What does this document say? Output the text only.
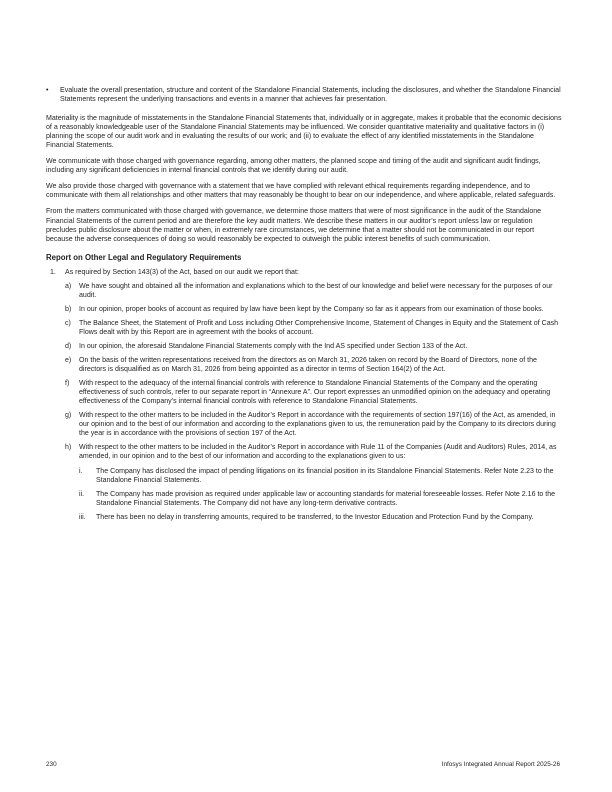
• Evaluate the overall presentation, structure and content of the Standalone Financial Statements, including the disclosures, and whether the Standalone Financial Statements represent the underlying transactions and events in a manner that achieves fair presentation.

Materiality is the magnitude of misstatements in the Standalone Financial Statements that, individually or in aggregate, makes it probable that the economic decisions of a reasonably knowledgeable user of the Standalone Financial Statements may be influenced. We consider quantitative materiality and qualitative factors in (i) planning the scope of our audit work and in evaluating the results of our work; and (ii) to evaluate the effect of any identified misstatements in the Standalone Financial Statements.

We communicate with those charged with governance regarding, among other matters, the planned scope and timing of the audit and significant audit findings, including any significant deficiencies in internal financial controls that we identify during our audit.

We also provide those charged with governance with a statement that we have complied with relevant ethical requirements regarding independence, and to communicate with them all relationships and other matters that may reasonably be thought to bear on our independence, and where applicable, related safeguards.

From the matters communicated with those charged with governance, we determine those matters that were of most significance in the audit of the Standalone Financial Statements of the current period and are therefore the key audit matters. We describe these matters in our auditor’s report unless law or regulation precludes public disclosure about the matter or when, in extremely rare circumstances, we determine that a matter should not be communicated in our report because the adverse consequences of doing so would reasonably be expected to outweigh the public interest benefits of such communication.

Report on Other Legal and Regulatory Requirements
1. As required by Section 143(3) of the Act, based on our audit we report that:
a) We have sought and obtained all the information and explanations which to the best of our knowledge and belief were necessary for the purposes of our audit.
b) In our opinion, proper books of account as required by law have been kept by the Company so far as it appears from our examination of those books.
c) The Balance Sheet, the Statement of Profit and Loss including Other Comprehensive Income, Statement of Changes in Equity and the Statement of Cash Flows dealt with by this Report are in agreement with the books of account.
d) In our opinion, the aforesaid Standalone Financial Statements comply with the Ind AS specified under Section 133 of the Act.
e) On the basis of the written representations received from the directors as on March 31, 2026 taken on record by the Board of Directors, none of the directors is disqualified as on March 31, 2026 from being appointed as a director in terms of Section 164(2) of the Act.
f) With respect to the adequacy of the internal financial controls with reference to Standalone Financial Statements of the Company and the operating effectiveness of such controls, refer to our separate report in “Annexure A”. Our report expresses an unmodified opinion on the adequacy and operating effectiveness of the Company’s internal financial controls with reference to Standalone Financial Statements.
g) With respect to the other matters to be included in the Auditor’s Report in accordance with the requirements of section 197(16) of the Act, as amended, in our opinion and to the best of our information and according to the explanations given to us, the remuneration paid by the Company to its directors during the year is in accordance with the provisions of section 197 of the Act.
h) With respect to the other matters to be included in the Auditor’s Report in accordance with Rule 11 of the Companies (Audit and Auditors) Rules, 2014, as amended, in our opinion and to the best of our information and according to the explanations given to us:
i. The Company has disclosed the impact of pending litigations on its financial position in its Standalone Financial Statements. Refer Note 2.23 to the Standalone Financial Statements.
ii. The Company has made provision as required under applicable law or accounting standards for material foreseeable losses. Refer Note 2.16 to the Standalone Financial Statements. The Company did not have any long-term derivative contracts.
iii. There has been no delay in transferring amounts, required to be transferred, to the Investor Education and Protection Fund by the Company.
230	Infosys Integrated Annual Report 2025-26
